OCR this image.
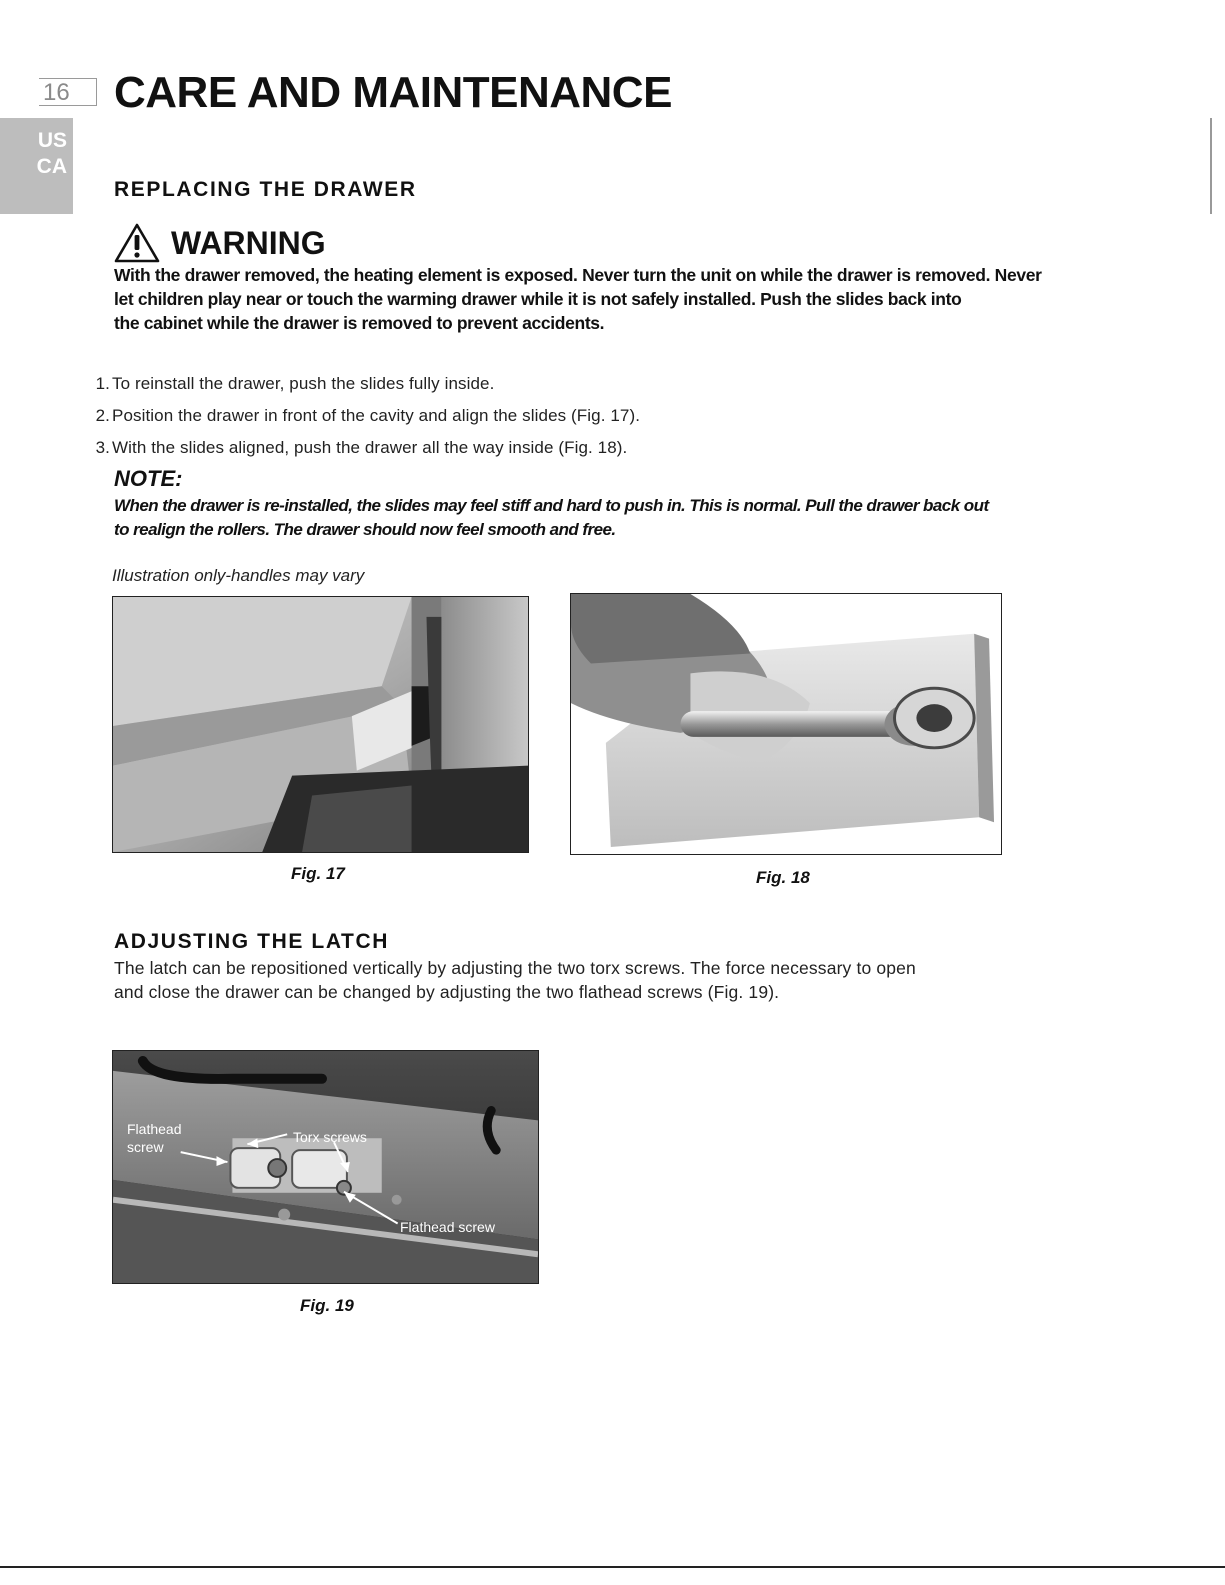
16	CARE AND MAINTENANCE
US
CA
REPLACING THE DRAWER
WARNING
With the drawer removed, the heating element is exposed. Never turn the unit on while the drawer is removed. Never
let children play near or touch the warming drawer while it is not safely installed. Push the slides back into
the cabinet while the drawer is removed to prevent accidents.
1. To reinstall the drawer, push the slides fully inside.
2. Position the drawer in front of the cavity and align the slides (Fig. 17).
3. With the slides aligned, push the drawer all the way inside (Fig. 18).
NOTE:
When the drawer is re-installed, the slides may feel stiff and hard to push in. This is normal. Pull the drawer back out
to realign the rollers. The drawer should now feel smooth and free.
Illustration only-handles may vary
Fig. 17	Fig. 18
ADJUSTING THE LATCH
The latch can be repositioned vertically by adjusting the two torx screws. The force necessary to open
and close the drawer can be changed by adjusting the two flathead screws (Fig. 19).
Flathead
screw
Torx screws
Flathead screw
Fig. 19
